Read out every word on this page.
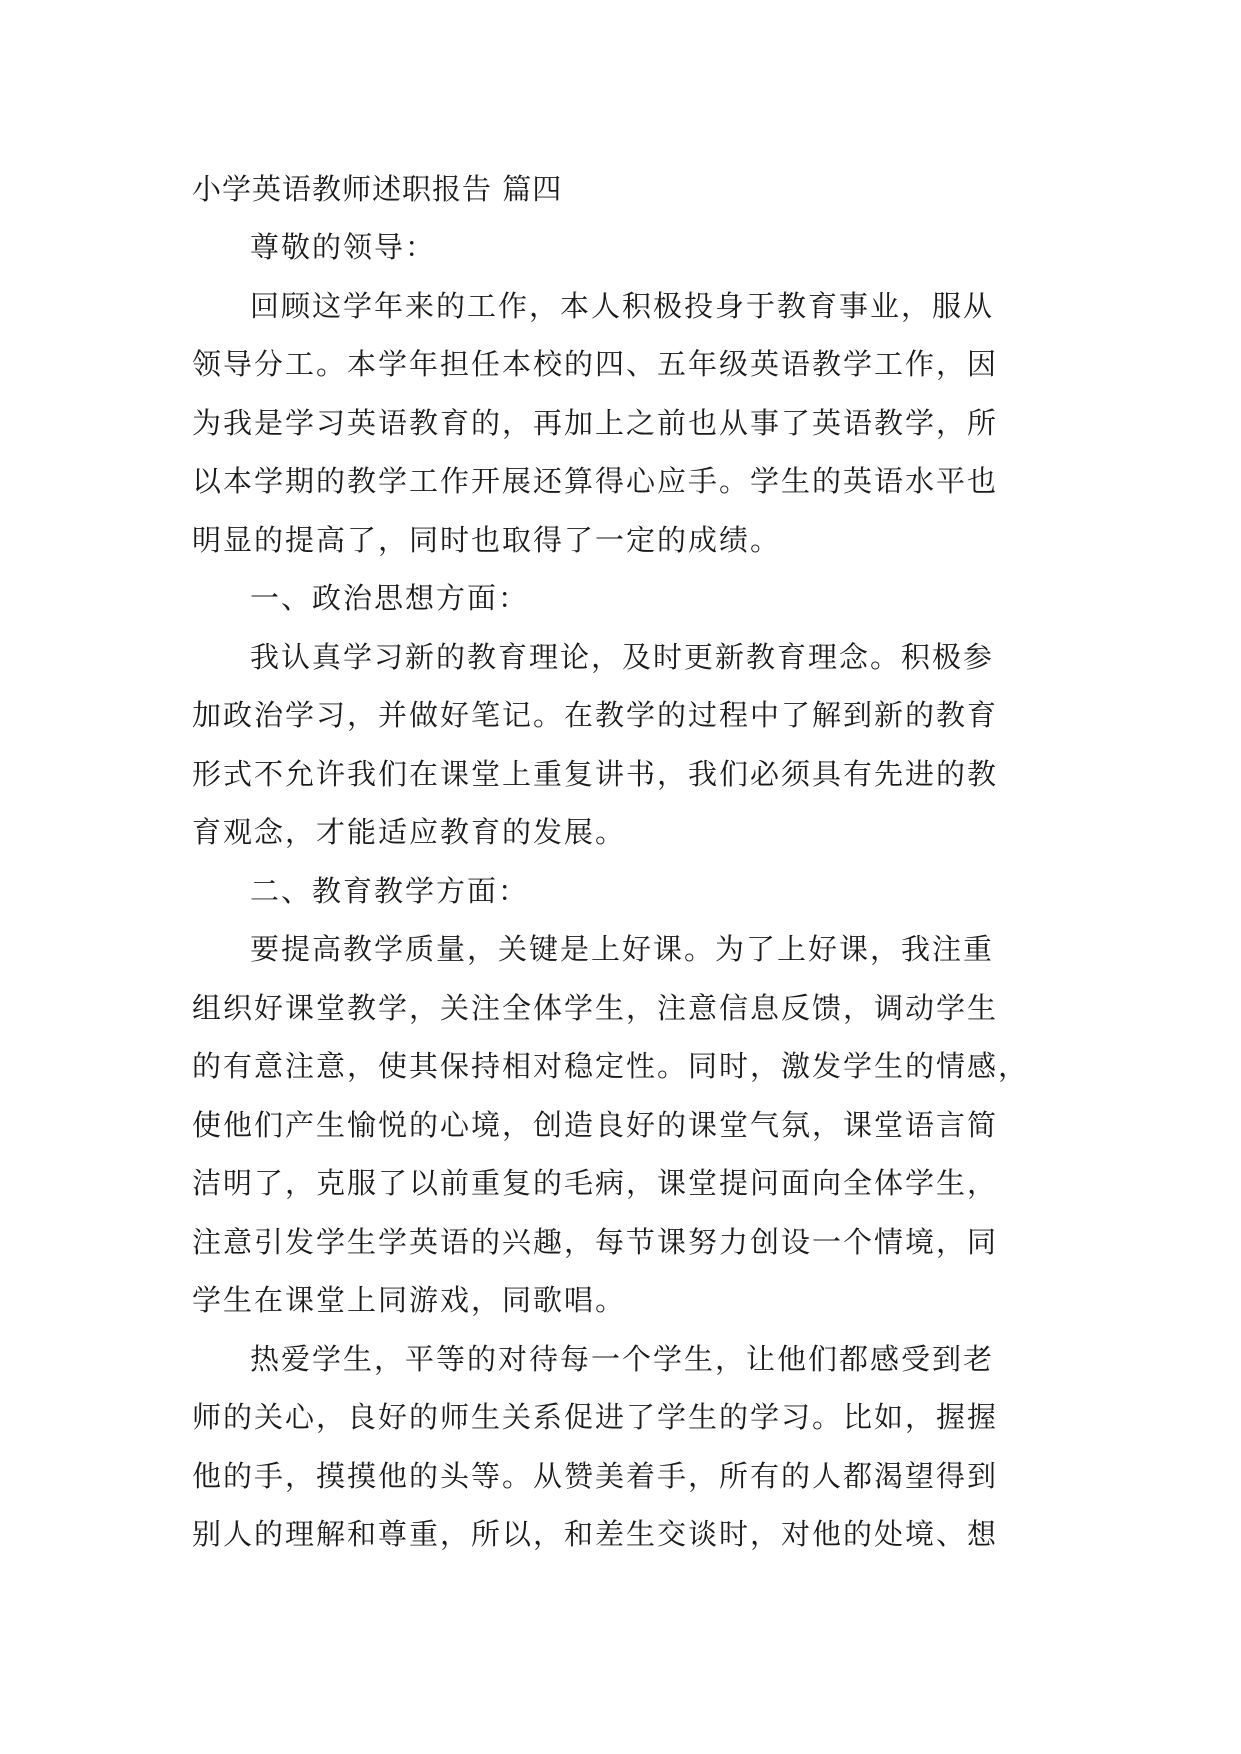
小学英语教师述职报告 篇四

尊敬的领导：

回顾这学年来的工作，本人积极投身于教育事业，服从
领导分工。本学年担任本校的四、五年级英语教学工作，因
为我是学习英语教育的，再加上之前也从事了英语教学，所
以本学期的教学工作开展还算得心应手。学生的英语水平也
明显的提高了，同时也取得了一定的成绩。

一、政治思想方面：

我认真学习新的教育理论，及时更新教育理念。积极参
加政治学习，并做好笔记。在教学的过程中了解到新的教育
形式不允许我们在课堂上重复讲书，我们必须具有先进的教
育观念，才能适应教育的发展。

二、教育教学方面：

要提高教学质量，关键是上好课。为了上好课，我注重
组织好课堂教学，关注全体学生，注意信息反馈，调动学生
的有意注意，使其保持相对稳定性。同时，激发学生的情感，
使他们产生愉悦的心境，创造良好的课堂气氛，课堂语言简
洁明了，克服了以前重复的毛病，课堂提问面向全体学生，
注意引发学生学英语的兴趣，每节课努力创设一个情境，同
学生在课堂上同游戏，同歌唱。

热爱学生，平等的对待每一个学生，让他们都感受到老
师的关心，良好的师生关系促进了学生的学习。比如，握握
他的手，摸摸他的头等。从赞美着手，所有的人都渴望得到
别人的理解和尊重，所以，和差生交谈时，对他的处境、想
